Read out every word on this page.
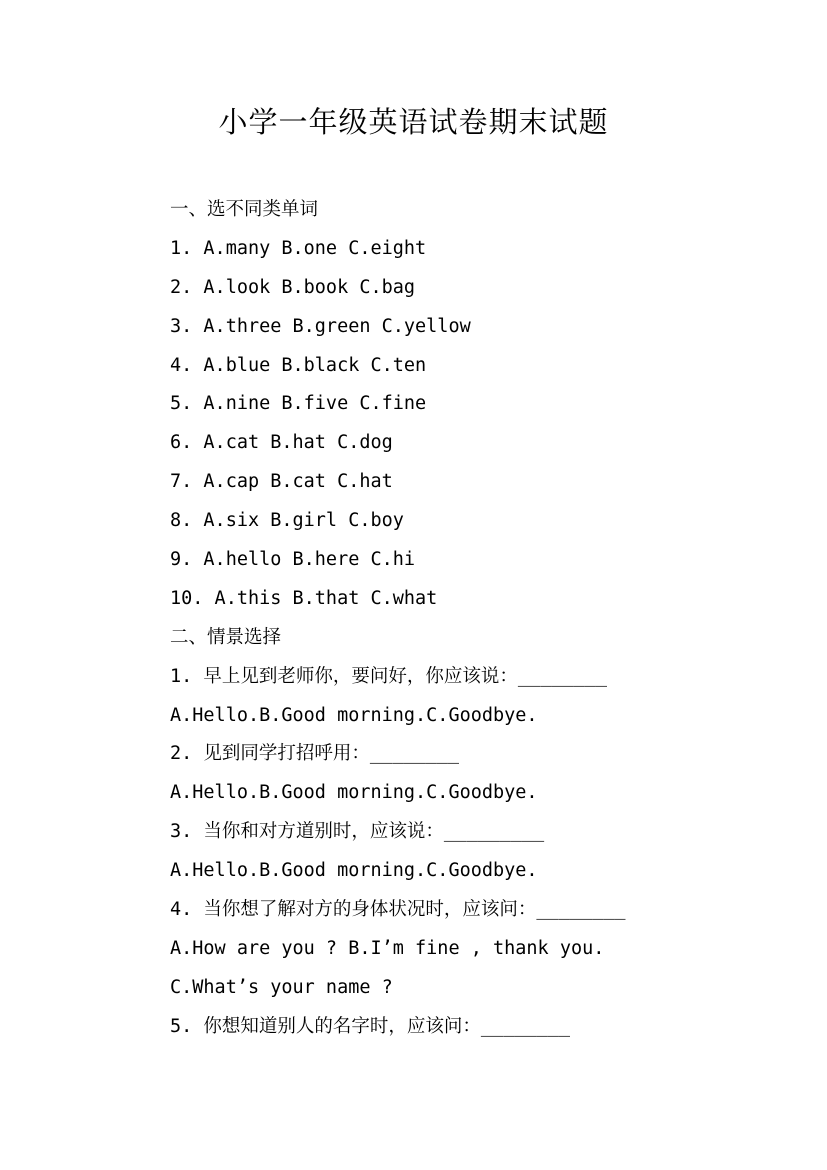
小学一年级英语试卷期末试题
一、选不同类单词
1. A.many B.one C.eight
2. A.look B.book C.bag
3. A.three B.green C.yellow
4. A.blue B.black C.ten
5. A.nine B.five C.fine
6. A.cat B.hat C.dog
7. A.cap B.cat C.hat
8. A.six B.girl C.boy
9. A.hello B.here C.hi
10. A.this B.that C.what
二、情景选择
1. 早上见到老师你，要问好，你应该说：________
A.Hello.B.Good morning.C.Goodbye.
2. 见到同学打招呼用：________
A.Hello.B.Good morning.C.Goodbye.
3. 当你和对方道别时，应该说：_________
A.Hello.B.Good morning.C.Goodbye.
4. 当你想了解对方的身体状况时，应该问：________
A.How are you ? B.I’m fine , thank you.
C.What’s your name ?
5. 你想知道别人的名字时，应该问：________
